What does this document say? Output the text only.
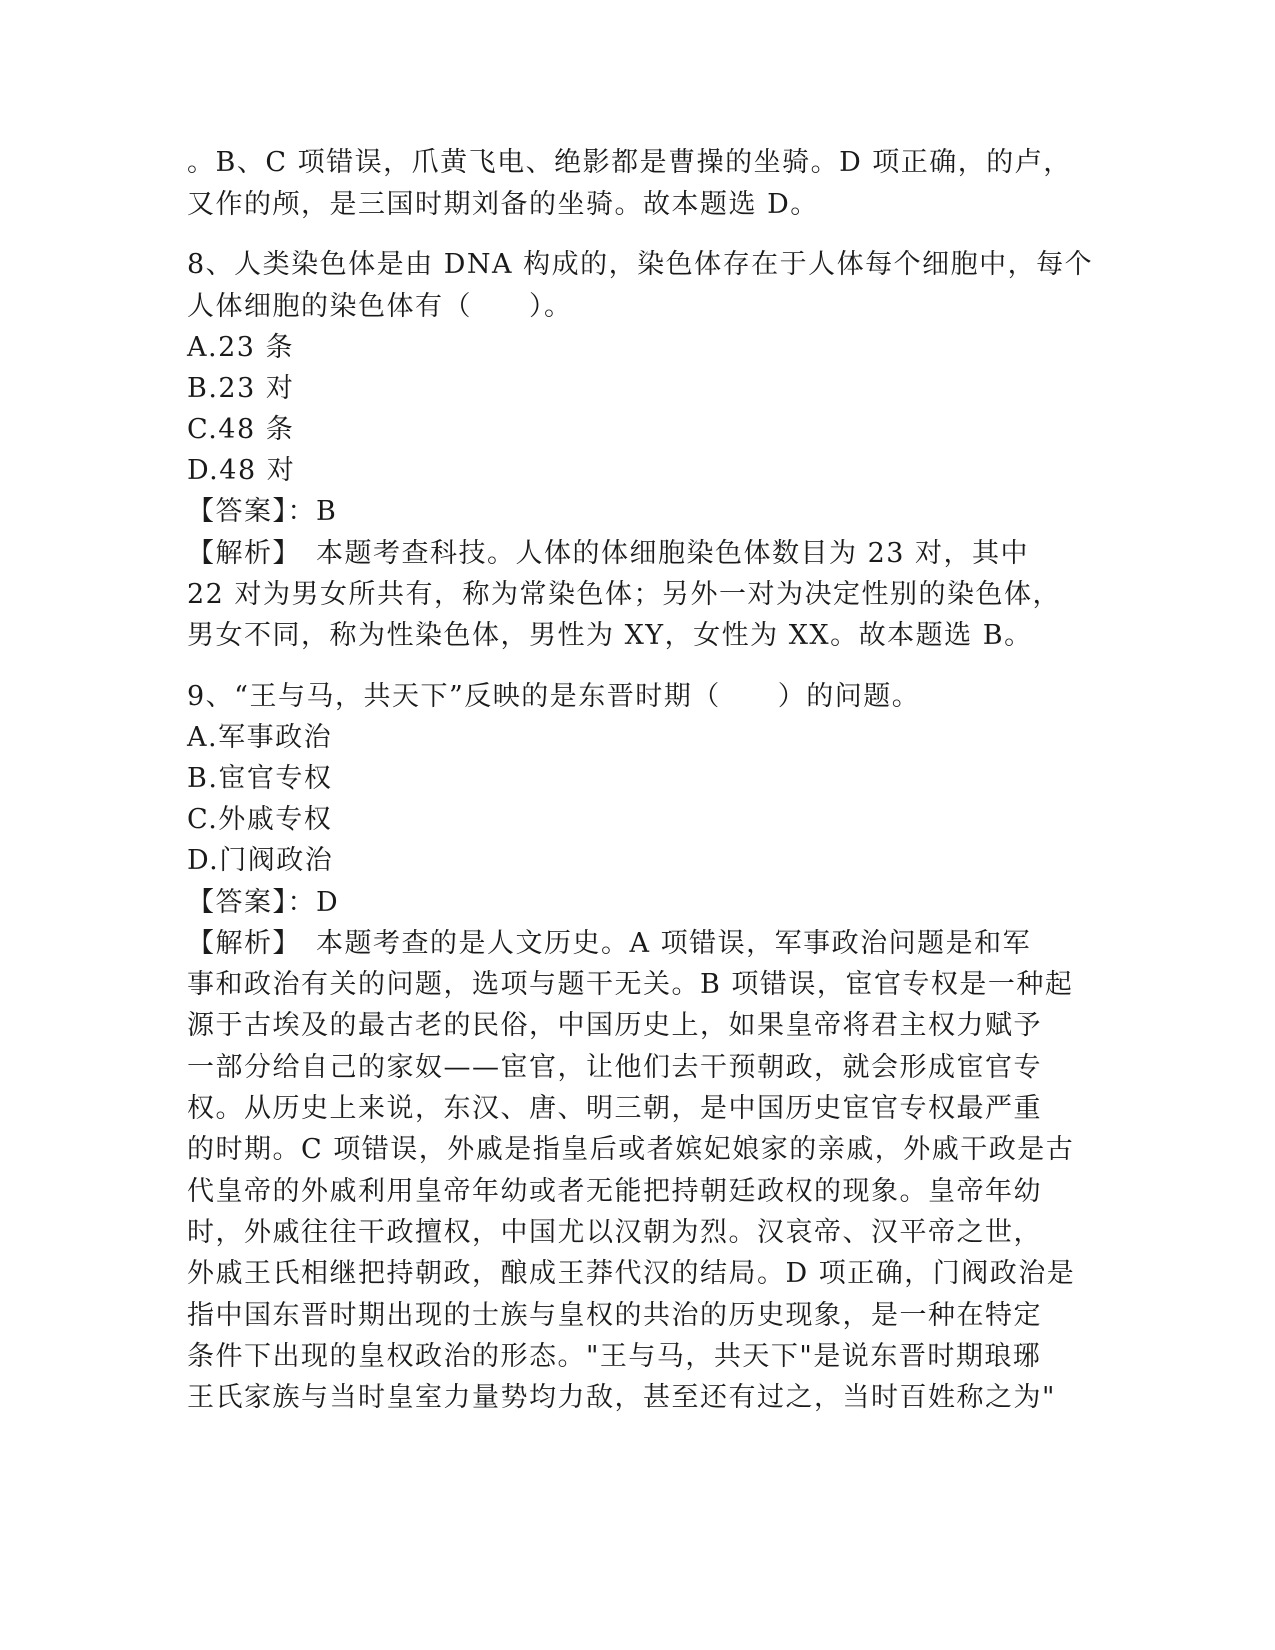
。B、C 项错误，爪黄飞电、绝影都是曹操的坐骑。D 项正确，的卢，
又作的颅，是三国时期刘备的坐骑。故本题选 D。
8、人类染色体是由 DNA 构成的，染色体存在于人体每个细胞中，每个
人体细胞的染色体有（　　）。
A.23 条
B.23 对
C.48 条
D.48 对
【答案】：B
【解析】　本题考查科技。人体的体细胞染色体数目为 23 对，其中
22 对为男女所共有，称为常染色体；另外一对为决定性别的染色体，
男女不同，称为性染色体，男性为 XY，女性为 XX。故本题选 B。
9、“王与马，共天下”反映的是东晋时期（　　）的问题。
A.军事政治
B.宦官专权
C.外戚专权
D.门阀政治
【答案】：D
【解析】　本题考查的是人文历史。A 项错误，军事政治问题是和军
事和政治有关的问题，选项与题干无关。B 项错误，宦官专权是一种起
源于古埃及的最古老的民俗，中国历史上，如果皇帝将君主权力赋予
一部分给自己的家奴——宦官，让他们去干预朝政，就会形成宦官专
权。从历史上来说，东汉、唐、明三朝，是中国历史宦官专权最严重
的时期。C 项错误，外戚是指皇后或者嫔妃娘家的亲戚，外戚干政是古
代皇帝的外戚利用皇帝年幼或者无能把持朝廷政权的现象。皇帝年幼
时，外戚往往干政擅权，中国尤以汉朝为烈。汉哀帝、汉平帝之世，
外戚王氏相继把持朝政，酿成王莽代汉的结局。D 项正确，门阀政治是
指中国东晋时期出现的士族与皇权的共治的历史现象，是一种在特定
条件下出现的皇权政治的形态。"王与马，共天下"是说东晋时期琅琊
王氏家族与当时皇室力量势均力敌，甚至还有过之，当时百姓称之为"
